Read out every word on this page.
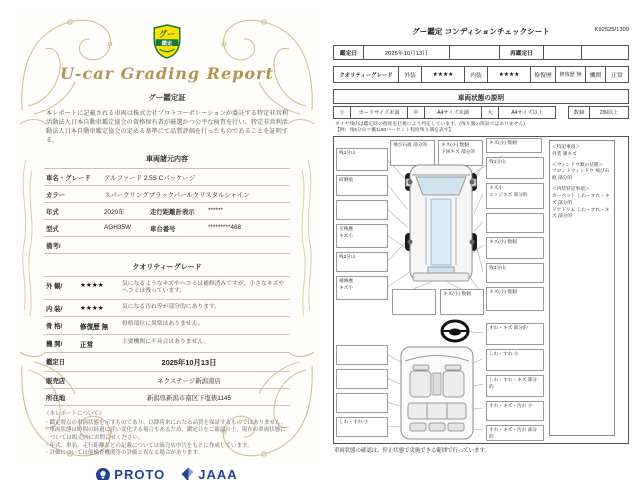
グー
鑑定
U-car Grading Report
グー鑑定証

本レポートに記載される車両は株式会社プロトコーポレーションが委託する特定非営利活動法人日本自動車鑑定協会の資格保有者が厳選かつ公平な検査を行い、特定非営利活動法人日本自動車鑑定協会の定める基準にて品質評価を行ったものであることを証明する。

車両諸元内容
車名・グレード	アルファード 2.5S Cパッケージ
カラー	スパークリングブラックパールクリスタルシャイン
年式	2020年	走行距離計表示	******
型式	AGH35W	車台番号	*********468
備考/
クオリティーグレード
外 観/	★★★★	気になるようなキズやヘコミは補修済みですが、小さなキズやヘコミは残っています。
内 装/	★★★★	気になる汚れ等が部分的にあります。
骨 格/	修復歴 無	骨格部位に異常はありません。
機 関/	正常	主要機関に不具合はありません。
鑑定日	2025年10月13日
販売店	ネクステージ新潟南店
所在地	新潟県新潟市南区下塩俵1145
《本レポートについて》
・鑑定時点の車両状態を示すものであり、以降将来にわたる品質を保証するものではありません。
・車両状態は時間の経過に伴い変化する場合もあるため、鑑定日をご確認の上、現在の車両状態については販売店にお問合せください。
・年式、車名、走行距離などの記載については販売店申告をもとに作成しています。
・評価については他検査機関等の評価と異なる場合があります。
PROTO	JAAA
グー鑑定 コンディションチェックシート	K92525/1309
鑑定日	2025年10月13日	再鑑定日
クオリティーグレード	外装	★★★★	内装	★★★★	修復歴	修復歴 無	機関	正常
車両状態の説明
小	カードサイズ未満	中	A4サイズ未満	大	A4サイズ以上	数個	2個以上
タイヤ残山は鑑定時の程度を目視により判定しています。(残り溝の保証ではありません)
【例：残5分山＝概ね50パーセント程度残り溝を表す】
飛び石痕 部分的	キズ(小) 数個
下回キズ 部分的
キズ(小) 数個
残1分山
研磨痕
交換歴
キズ小
残2分山
補修歴
キズ小
キズ(小) 数個
残1分山
キズ小
エッジキズ 部分的
キズ(小) 数個
残3分山
キズ(小) 数個
しわ・すれ 小
すれ・キズ 部分的
しわ・すれ 小
しわ・すれ・キズ 部分的
すれ・キズ・汚れ 小
すれ・キズ・汚れ 部分的
＜特記事項＞
外装 薄キズ
＜ウィンドウ類の状態＞
フロントウィンドウ 飛び石痕 部分的
＜内装特記事項＞
カーペット しわ・すれ・キズ 部分的
ドアトリム しわ・すれ・キズ 部分的
車両状態の確認は、停止状態で実施できる範囲で行っています。
